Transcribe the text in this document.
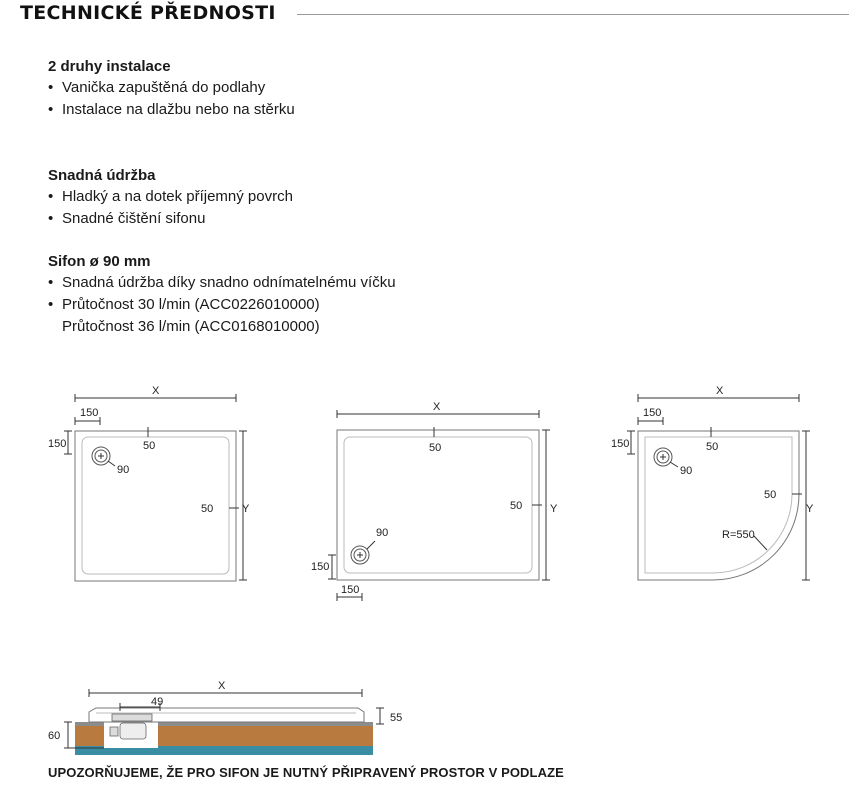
TECHNICKÉ PŘEDNOSTI
2 druhy instalace
• Vanička zapuštěná do podlahy
• Instalace na dlažbu nebo na stěrku
Snadná údržba
• Hladký a na dotek příjemný povrch
• Snadné čištění sifonu
Sifon ø 90 mm
• Snadná údržba díky snadno odnímatelnému víčku
• Průtočnost 30 l/min (ACC0226010000)
Průtočnost 36 l/min (ACC0168010000)
X
150
150	50
90
50	Y
X
50
50	Y
90
150
150
X
150
150	50
90
50
Y
R=550
X
49
55
60
UPOZORŇUJEME, ŽE PRO SIFON JE NUTNÝ PŘIPRAVENÝ PROSTOR V PODLAZE
